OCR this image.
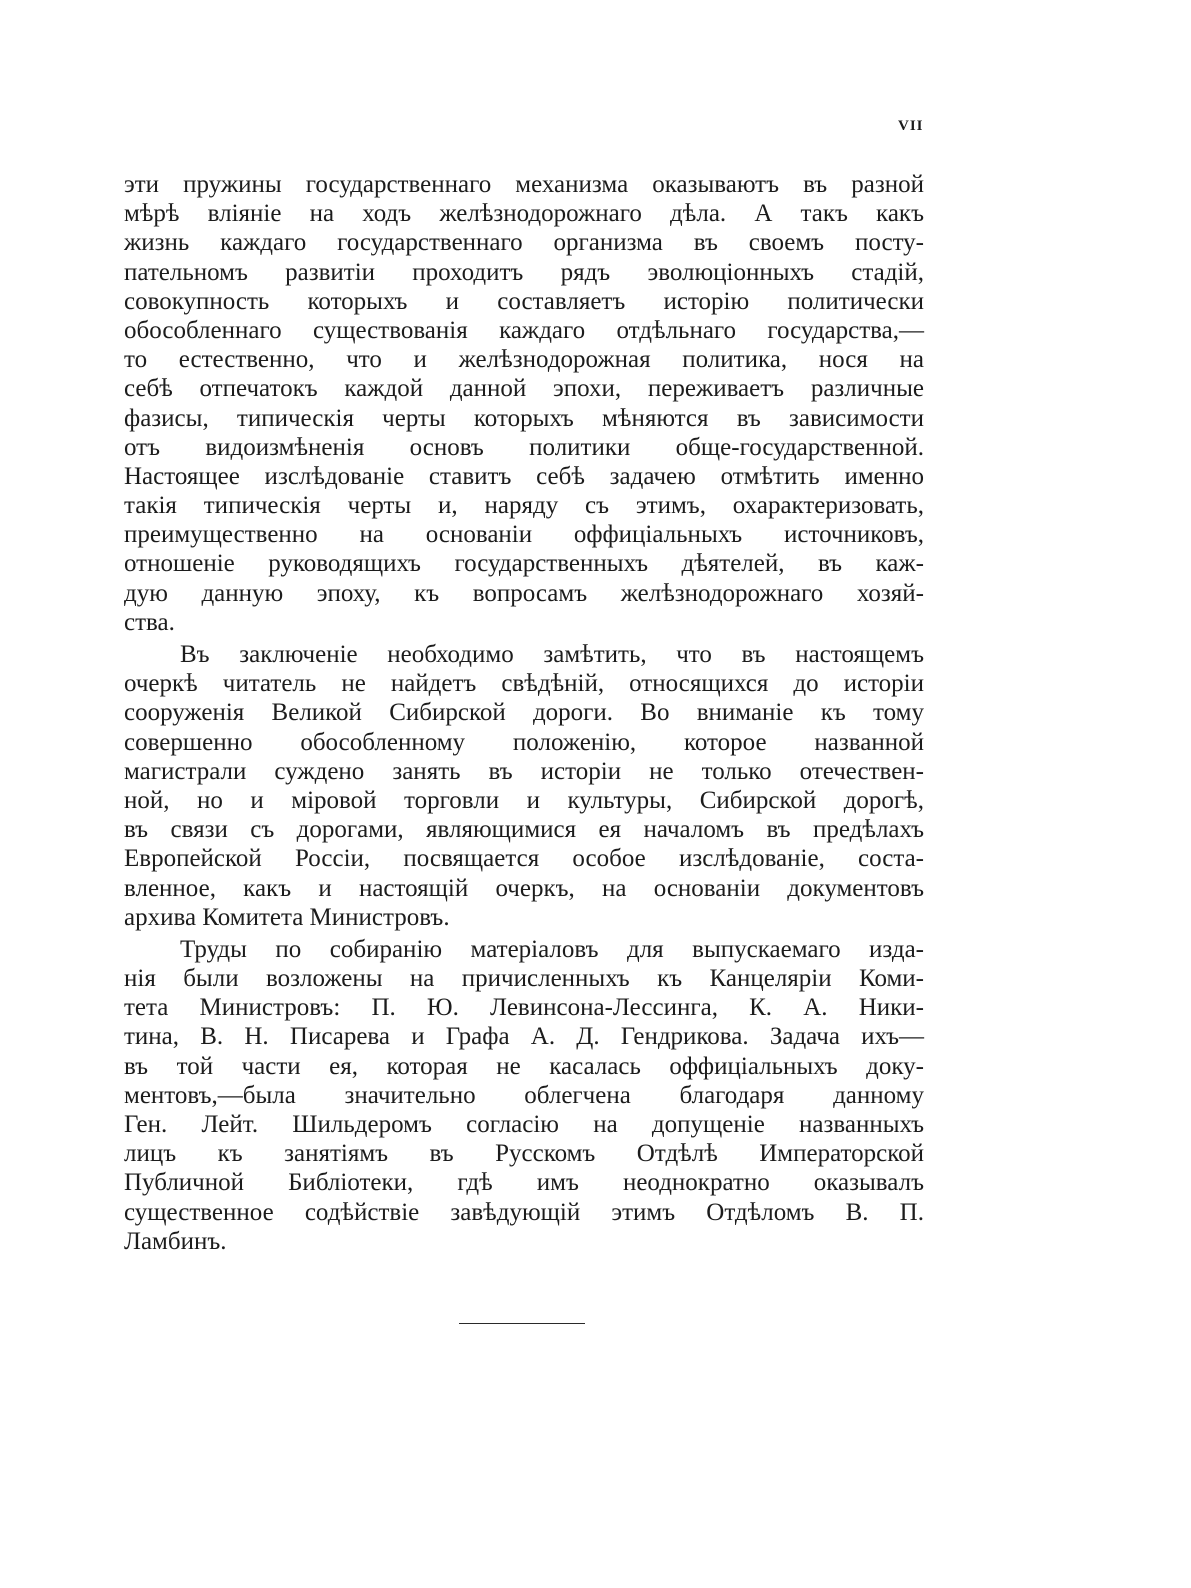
VII
эти пружины государственнаго механизма оказываютъ въ разной
мѣрѣ вліяніе на ходъ желѣзнодорожнаго дѣла. А такъ какъ
жизнь каждаго государственнаго организма въ своемъ посту-
пательномъ развитіи проходитъ рядъ эволюціонныхъ стадій,
совокупность которыхъ и составляетъ исторію политически
обособленнаго существованія каждаго отдѣльнаго государства,—
то естественно, что и желѣзнодорожная политика, нося на
себѣ отпечатокъ каждой данной эпохи, переживаетъ различные
фазисы, типическія черты которыхъ мѣняются въ зависимости
отъ видоизмѣненія основъ политики обще-государственной.
Настоящее изслѣдованіе ставитъ себѣ задачею отмѣтить именно
такія типическія черты и, наряду съ этимъ, охарактеризовать,
преимущественно на основаніи оффиціальныхъ источниковъ,
отношеніе руководящихъ государственныхъ дѣятелей, въ каж-
дую данную эпоху, къ вопросамъ желѣзнодорожнаго хозяй-
ства.
Въ заключеніе необходимо замѣтить, что въ настоящемъ
очеркѣ читатель не найдетъ свѣдѣній, относящихся до исторіи
сооруженія Великой Сибирской дороги. Во вниманіе къ тому
совершенно обособленному положенію, которое названной
магистрали суждено занять въ исторіи не только отечествен-
ной, но и міровой торговли и культуры, Сибирской дорогѣ,
въ связи съ дорогами, являющимися ея началомъ въ предѣлахъ
Европейской Россіи, посвящается особое изслѣдованіе, соста-
вленное, какъ и настоящій очеркъ, на основаніи документовъ
архива Комитета Министровъ.
Труды по собиранію матеріаловъ для выпускаемаго изда-
нія были возложены на причисленныхъ къ Канцеляріи Коми-
тета Министровъ: П. Ю. Левинсона-Лессинга, К. А. Ники-
тина, В. Н. Писарева и Графа А. Д. Гендрикова. Задача ихъ—
въ той части ея, которая не касалась оффиціальныхъ доку-
ментовъ,—была значительно облегчена благодаря данному
Ген. Лейт. Шильдеромъ согласію на допущеніе названныхъ
лицъ къ занятіямъ въ Русскомъ Отдѣлѣ Императорской
Публичной Библіотеки, гдѣ имъ неоднократно оказывалъ
существенное содѣйствіе завѣдующій этимъ Отдѣломъ В. П.
Ламбинъ.
